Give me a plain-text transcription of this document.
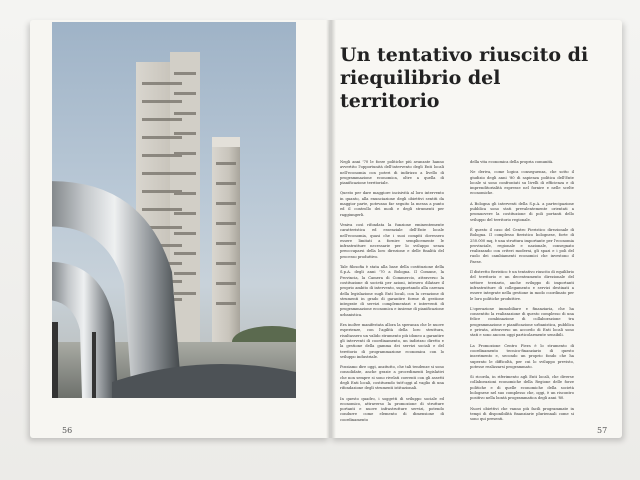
56	57
Un tentativo riuscito di
riequilibrio del territorio

Negli anni '70 le forze politiche più avanzate hanno avvertito l'opportunità dell'intervento degli Enti locali nell'economia con poteri di indirizzo a livello di programmazione economica, oltre a quella di pianificazione territoriale.

Questo per dare maggiore incisività al loro intervento in quanto, alla enunciazione degli obiettivi sentiti da maggior parte, potevano far seguito la messa a punto ed il controllo dei modi e degli strumenti per raggiungerli.

Veniva così rifondata la funzione eminentemente caratteristica ed essenziale dell'Ente locale nell'economia, quasi che i suoi compiti dovessero essere limitati a fornire semplicemente le infrastrutture necessarie per lo sviluppo senza preoccuparsi della loro direzione e delle finalità del processo produttivo.

Tale filosofia è stata alla base della costituzione della S.p.A. degli anni '70 a Bologna. Il Comune, la Provincia, la Camera di Commercio, attraverso la costituzione di società per azioni, intesero dilatare il proprio ambito di intervento, supportando alla carenza della legislazione sugli Enti locali, con la creazione di strumenti in grado di garantire forme di gestione integrate di servizi complementari e interventi di programmazione economica e insieme di pianificazione urbanistica.

Era inoltre manifestata allora la speranza che le nuove esperienze, con l'agilità della loro struttura, risultassero un valido strumento più idoneo a garantire gli interventi di coordinamento, un indirizzo diretto e la gestione della gamma dei servizi sociali e del territorio di programmazione economica con lo sviluppo industriale.

Possiamo dire oggi, anzitutto, che tali tendenze si sono consolidate, anche grazie a procedimenti legislativi che non sempre si sono rivelati coerenti con gli assetti degli Enti locali, costituendo tutt'oggi al vaglio di una rifondazione degli strumenti istituzionali.

In questo quadro, i soggetti di sviluppo sociale ed economico, attraverso la promozione di strutture portanti e nuove infrastrutture servizi, potendo condurre come elemento di dimensione di coordinamento

della vita economica della propria comunità.

Ne deriva, come logica conseguenza, che sotto il giudizio degli anni '80 di sapienza politica dell'Ente locale si sono confrontati su livelli di efficienza e di imprenditorialità espresse nel fornire e nelle scelte economiche.

A Bologna gli interventi della S.p.A. a partecipazione pubblica sono stati prevalentemente orientati a promuovere la costituzione di poli portanti dello sviluppo del territorio regionale.

È questo il caso del Centro Fieristico direzionale di Bologna. Il complesso fieristico bolognese, forte di 250.000 mq, è una struttura importante per l'economia provinciale, regionale e nazionale, consegnato realizzando con criteri moderni, gli spazi e i poli del ruolo dei cambiamenti economici che investono il Paese.

Il distretto fieristico è un tentativo riuscito di equilibrio del territorio e un decentramento direzionale del settore terziario, anche sviluppo di importanti infrastrutture di collegamento e servizi destinati a essere integrate nella gestione in modo coordinato per le loro politiche produttive.

L'operazione immobiliare e finanziaria, che ha consentito la realizzazione di questo complesso di una felice combinazione di collaborazione tra programmazione e pianificazione urbanistica, pubblica e privata, attraverso un accordo di Enti locali sono stati e sono ancora oggi particolarmente sensibili.

La Promozione Centro Fiera è lo strumento di coordinamento tecnico-finanziario di questo inserimento e, secondo un proprio fondo che ha superato le difficoltà, per cui lo sviluppo previsto, potesse realizzarsi programmato.

Si ricorda, in riferimento agli Enti locali, che diverse collaborazioni economiche della Regione delle forze politiche e di quelle economiche della società bolognese nel suo complesso che, oggi, è un riscontro positivo nella bontà programmatica degli anni '80.

Nuovi obiettivi che vanno più facili programmate in tempi di disponibilità finanziarie pluriennali come si sono qui presenti.
